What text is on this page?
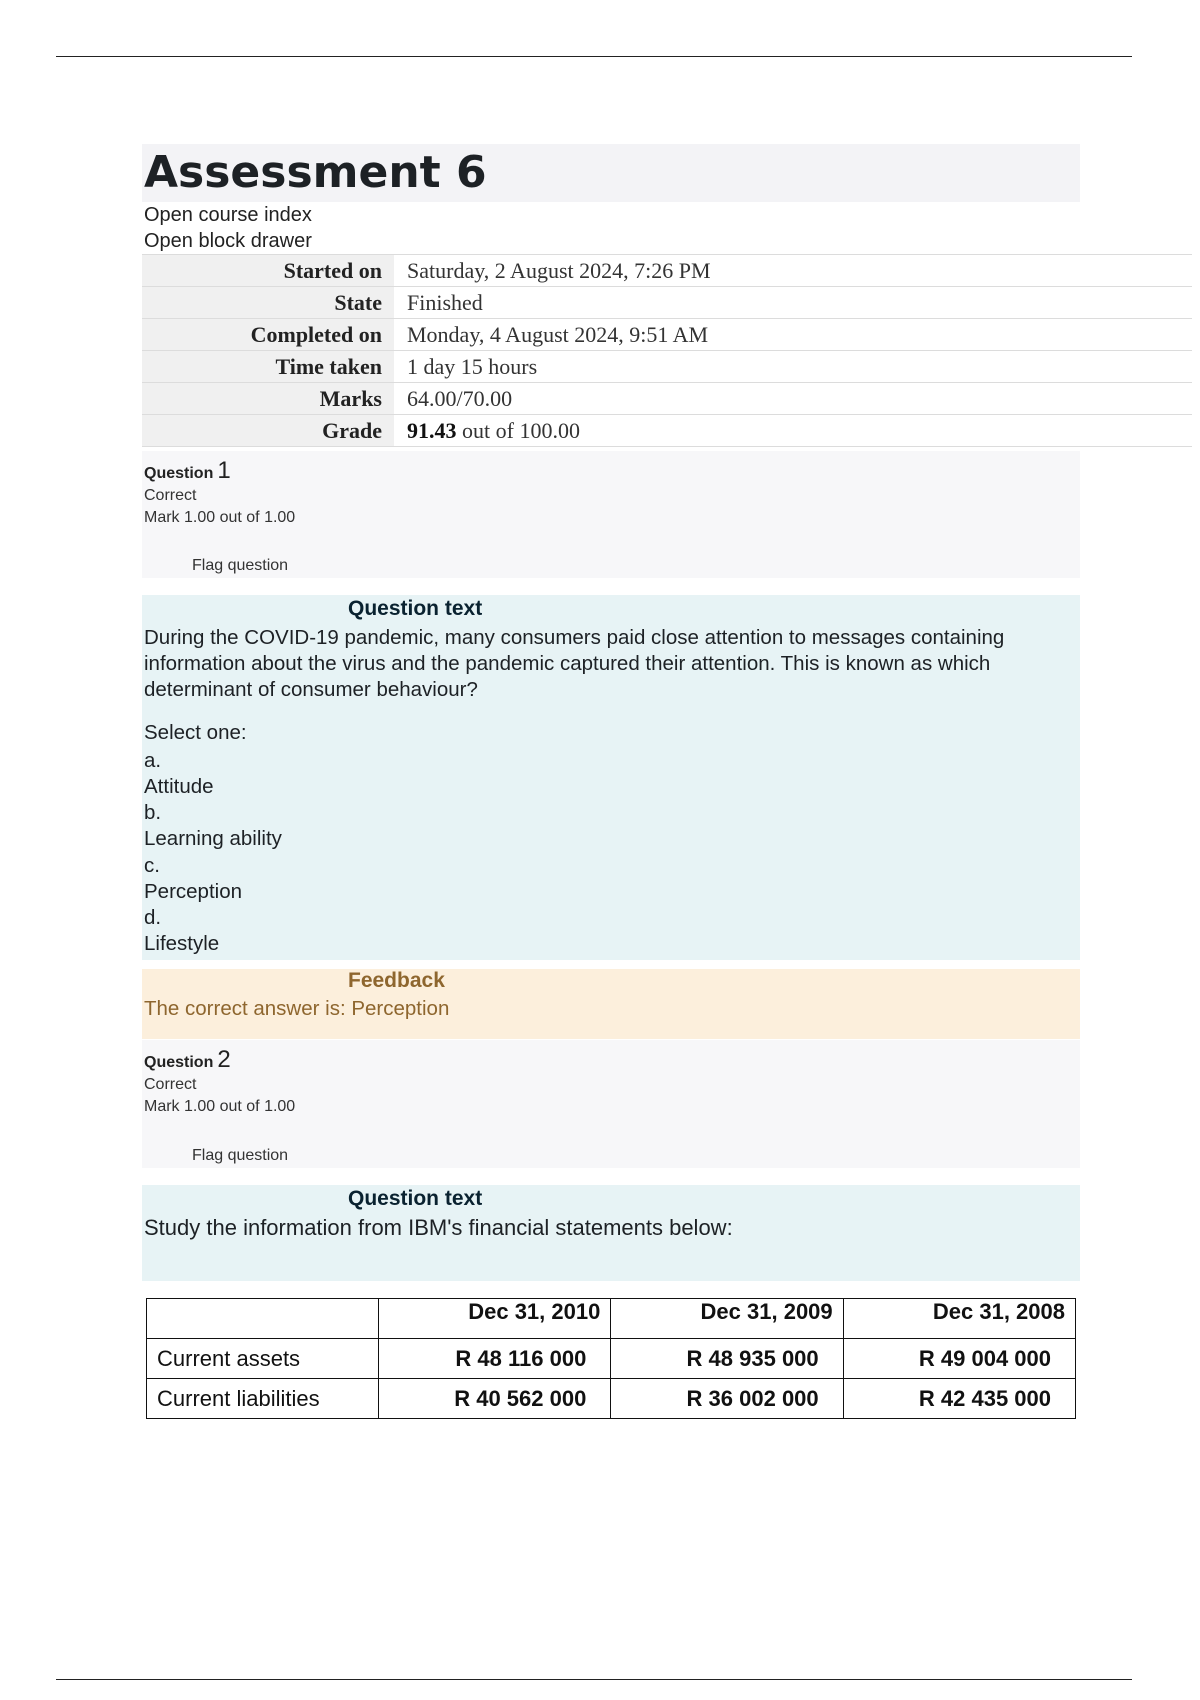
Assessment 6
Open course index
Open block drawer
Started on	Saturday, 2 August 2024, 7:26 PM
State	Finished
Completed on	Monday, 4 August 2024, 9:51 AM
Time taken	1 day 15 hours
Marks	64.00/70.00
Grade	91.43 out of 100.00
Question 1
Correct
Mark 1.00 out of 1.00
Flag question
Question text
During the COVID-19 pandemic, many consumers paid close attention to messages containing information about the virus and the pandemic captured their attention. This is known as which determinant of consumer behaviour?
Select one:
a.
Attitude
b.
Learning ability
c.
Perception
d.
Lifestyle
Feedback
The correct answer is: Perception
Question 2
Correct
Mark 1.00 out of 1.00
Flag question
Question text
Study the information from IBM's financial statements below:
	Dec 31, 2010	Dec 31, 2009	Dec 31, 2008
Current assets	R 48 116 000	R 48 935 000	R 49 004 000
Current liabilities	R 40 562 000	R 36 002 000	R 42 435 000
